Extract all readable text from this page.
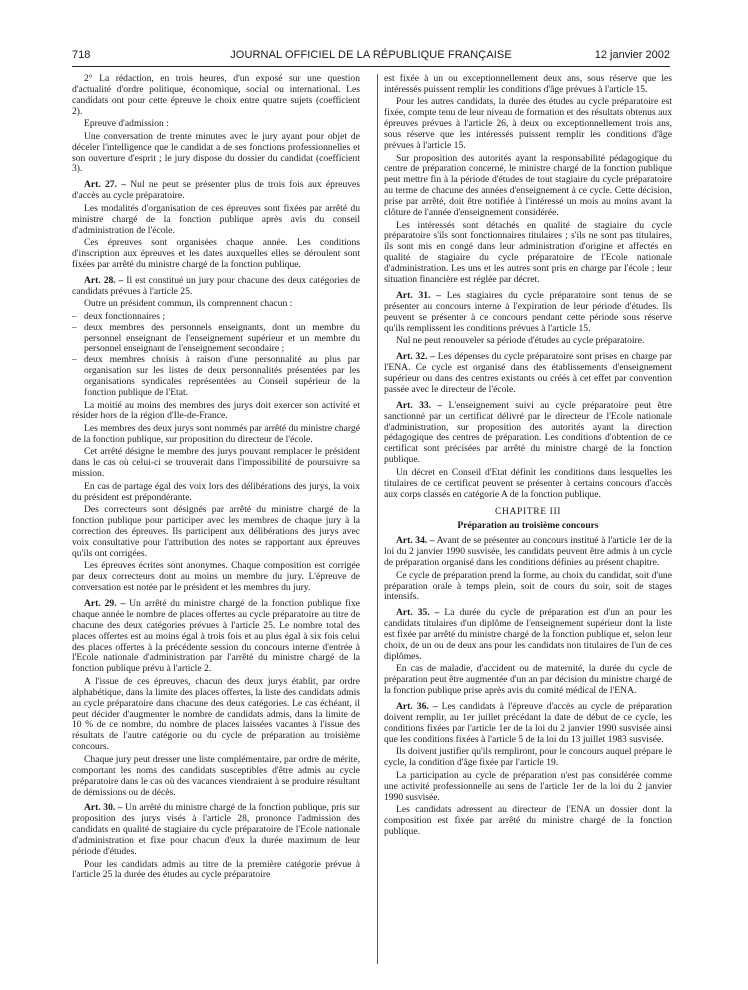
718	JOURNAL OFFICIEL DE LA RÉPUBLIQUE FRANÇAISE	12 janvier 2002

2° La rédaction, en trois heures, d'un exposé sur une question d'actualité d'ordre politique, économique, social ou international. Les candidats ont pour cette épreuve le choix entre quatre sujets (coefficient 2).

Epreuve d'admission :

Une conversation de trente minutes avec le jury ayant pour objet de déceler l'intelligence que le candidat a de ses fonctions professionnelles et son ouverture d'esprit ; le jury dispose du dossier du candidat (coefficient 3).

Art. 27. – Nul ne peut se présenter plus de trois fois aux épreuves d'accès au cycle préparatoire.

Les modalités d'organisation de ces épreuves sont fixées par arrêté du ministre chargé de la fonction publique après avis du conseil d'administration de l'école.

Ces épreuves sont organisées chaque année. Les conditions d'inscription aux épreuves et les dates auxquelles elles se déroulent sont fixées par arrêté du ministre chargé de la fonction publique.

Art. 28. – Il est constitué un jury pour chacune des deux catégories de candidats prévues à l'article 25.

Outre un président commun, ils comprennent chacun :

– deux fonctionnaires ;
– deux membres des personnels enseignants, dont un membre du personnel enseignant de l'enseignement supérieur et un membre du personnel enseignant de l'enseignement secondaire ;
– deux membres choisis à raison d'une personnalité au plus par organisation sur les listes de deux personnalités présentées par les organisations syndicales représentées au Conseil supérieur de la fonction publique de l'Etat.

La moitié au moins des membres des jurys doit exercer son activité et résider hors de la région d'Ile-de-France.

Les membres des deux jurys sont nommés par arrêté du ministre chargé de la fonction publique, sur proposition du directeur de l'école.

Cet arrêté désigne le membre des jurys pouvant remplacer le président dans le cas où celui-ci se trouverait dans l'impossibilité de poursuivre sa mission.

En cas de partage égal des voix lors des délibérations des jurys, la voix du président est prépondérante.

Des correcteurs sont désignés par arrêté du ministre chargé de la fonction publique pour participer avec les membres de chaque jury à la correction des épreuves. Ils participent aux délibérations des jurys avec voix consultative pour l'attribution des notes se rapportant aux épreuves qu'ils ont corrigées.

Les épreuves écrites sont anonymes. Chaque composition est corrigée par deux correcteurs dont au moins un membre du jury. L'épreuve de conversation est notée par le président et les membres du jury.

Art. 29. – Un arrêté du ministre chargé de la fonction publique fixe chaque année le nombre de places offertes au cycle préparatoire au titre de chacune des deux catégories prévues à l'article 25. Le nombre total des places offertes est au moins égal à trois fois et au plus égal à six fois celui des places offertes à la précédente session du concours interne d'entrée à l'Ecole nationale d'administration par l'arrêté du ministre chargé de la fonction publique prévu à l'article 2.

A l'issue de ces épreuves, chacun des deux jurys établit, par ordre alphabétique, dans la limite des places offertes, la liste des candidats admis au cycle préparatoire dans chacune des deux catégories. Le cas échéant, il peut décider d'augmenter le nombre de candidats admis, dans la limite de 10 % de ce nombre, du nombre de places laissées vacantes à l'issue des résultats de l'autre catégorie ou du cycle de préparation au troisième concours.

Chaque jury peut dresser une liste complémentaire, par ordre de mérite, comportant les noms des candidats susceptibles d'être admis au cycle préparatoire dans le cas où des vacances viendraient à se produire résultant de démissions ou de décès.

Art. 30. – Un arrêté du ministre chargé de la fonction publique, pris sur proposition des jurys visés à l'article 28, prononce l'admission des candidats en qualité de stagiaire du cycle préparatoire de l'Ecole nationale d'administration et fixe pour chacun d'eux la durée maximum de leur période d'études.

Pour les candidats admis au titre de la première catégorie prévue à l'article 25 la durée des études au cycle préparatoire

est fixée à un ou exceptionnellement deux ans, sous réserve que les intéressés puissent remplir les conditions d'âge prévues à l'article 15.

Pour les autres candidats, la durée des études au cycle préparatoire est fixée, compte tenu de leur niveau de formation et des résultats obtenus aux épreuves prévues à l'article 26, à deux ou exceptionnellement trois ans, sous réserve que les intéressés puissent remplir les conditions d'âge prévues à l'article 15.

Sur proposition des autorités ayant la responsabilité pédagogique du centre de préparation concerné, le ministre chargé de la fonction publique peut mettre fin à la période d'études de tout stagiaire du cycle préparatoire au terme de chacune des années d'enseignement à ce cycle. Cette décision, prise par arrêté, doit être notifiée à l'intéressé un mois au moins avant la clôture de l'année d'enseignement considérée.

Les intéressés sont détachés en qualité de stagiaire du cycle préparatoire s'ils sont fonctionnaires titulaires ; s'ils ne sont pas titulaires, ils sont mis en congé dans leur administration d'origine et affectés en qualité de stagiaire du cycle préparatoire de l'Ecole nationale d'administration. Les uns et les autres sont pris en charge par l'école ; leur situation financière est réglée par décret.

Art. 31. – Les stagiaires du cycle préparatoire sont tenus de se présenter au concours interne à l'expiration de leur période d'études. Ils peuvent se présenter à ce concours pendant cette période sous réserve qu'ils remplissent les conditions prévues à l'article 15.

Nul ne peut renouveler sa période d'études au cycle préparatoire.

Art. 32. – Les dépenses du cycle préparatoire sont prises en charge par l'ENA. Ce cycle est organisé dans des établissements d'enseignement supérieur ou dans des centres existants ou créés à cet effet par convention passée avec le directeur de l'école.

Art. 33. – L'enseignement suivi au cycle préparatoire peut être sanctionné par un certificat délivré par le directeur de l'Ecole nationale d'administration, sur proposition des autorités ayant la direction pédagogique des centres de préparation. Les conditions d'obtention de ce certificat sont précisées par arrêté du ministre chargé de la fonction publique.

Un décret en Conseil d'Etat définit les conditions dans lesquelles les titulaires de ce certificat peuvent se présenter à certains concours d'accès aux corps classés en catégorie A de la fonction publique.

CHAPITRE III
Préparation au troisième concours

Art. 34. – Avant de se présenter au concours institué à l'article 1er de la loi du 2 janvier 1990 susvisée, les candidats peuvent être admis à un cycle de préparation organisé dans les conditions définies au présent chapitre.

Ce cycle de préparation prend la forme, au choix du candidat, soit d'une préparation orale à temps plein, soit de cours du soir, soit de stages intensifs.

Art. 35. – La durée du cycle de préparation est d'un an pour les candidats titulaires d'un diplôme de l'enseignement supérieur dont la liste est fixée par arrêté du ministre chargé de la fonction publique et, selon leur choix, de un ou de deux ans pour les candidats non titulaires de l'un de ces diplômes.

En cas de maladie, d'accident ou de maternité, la durée du cycle de préparation peut être augmentée d'un an par décision du ministre chargé de la fonction publique prise après avis du comité médical de l'ENA.

Art. 36. – Les candidats à l'épreuve d'accès au cycle de préparation doivent remplir, au 1er juillet précédant la date de début de ce cycle, les conditions fixées par l'article 1er de la loi du 2 janvier 1990 susvisée ainsi que les conditions fixées à l'article 5 de la loi du 13 juillet 1983 susvisée.

Ils doivent justifier qu'ils rempliront, pour le concours auquel prépare le cycle, la condition d'âge fixée par l'article 19.

La participation au cycle de préparation n'est pas considérée comme une activité professionnelle au sens de l'article 1er de la loi du 2 janvier 1990 susvisée.

Les candidats adressent au directeur de l'ENA un dossier dont la composition est fixée par arrêté du ministre chargé de la fonction publique.
